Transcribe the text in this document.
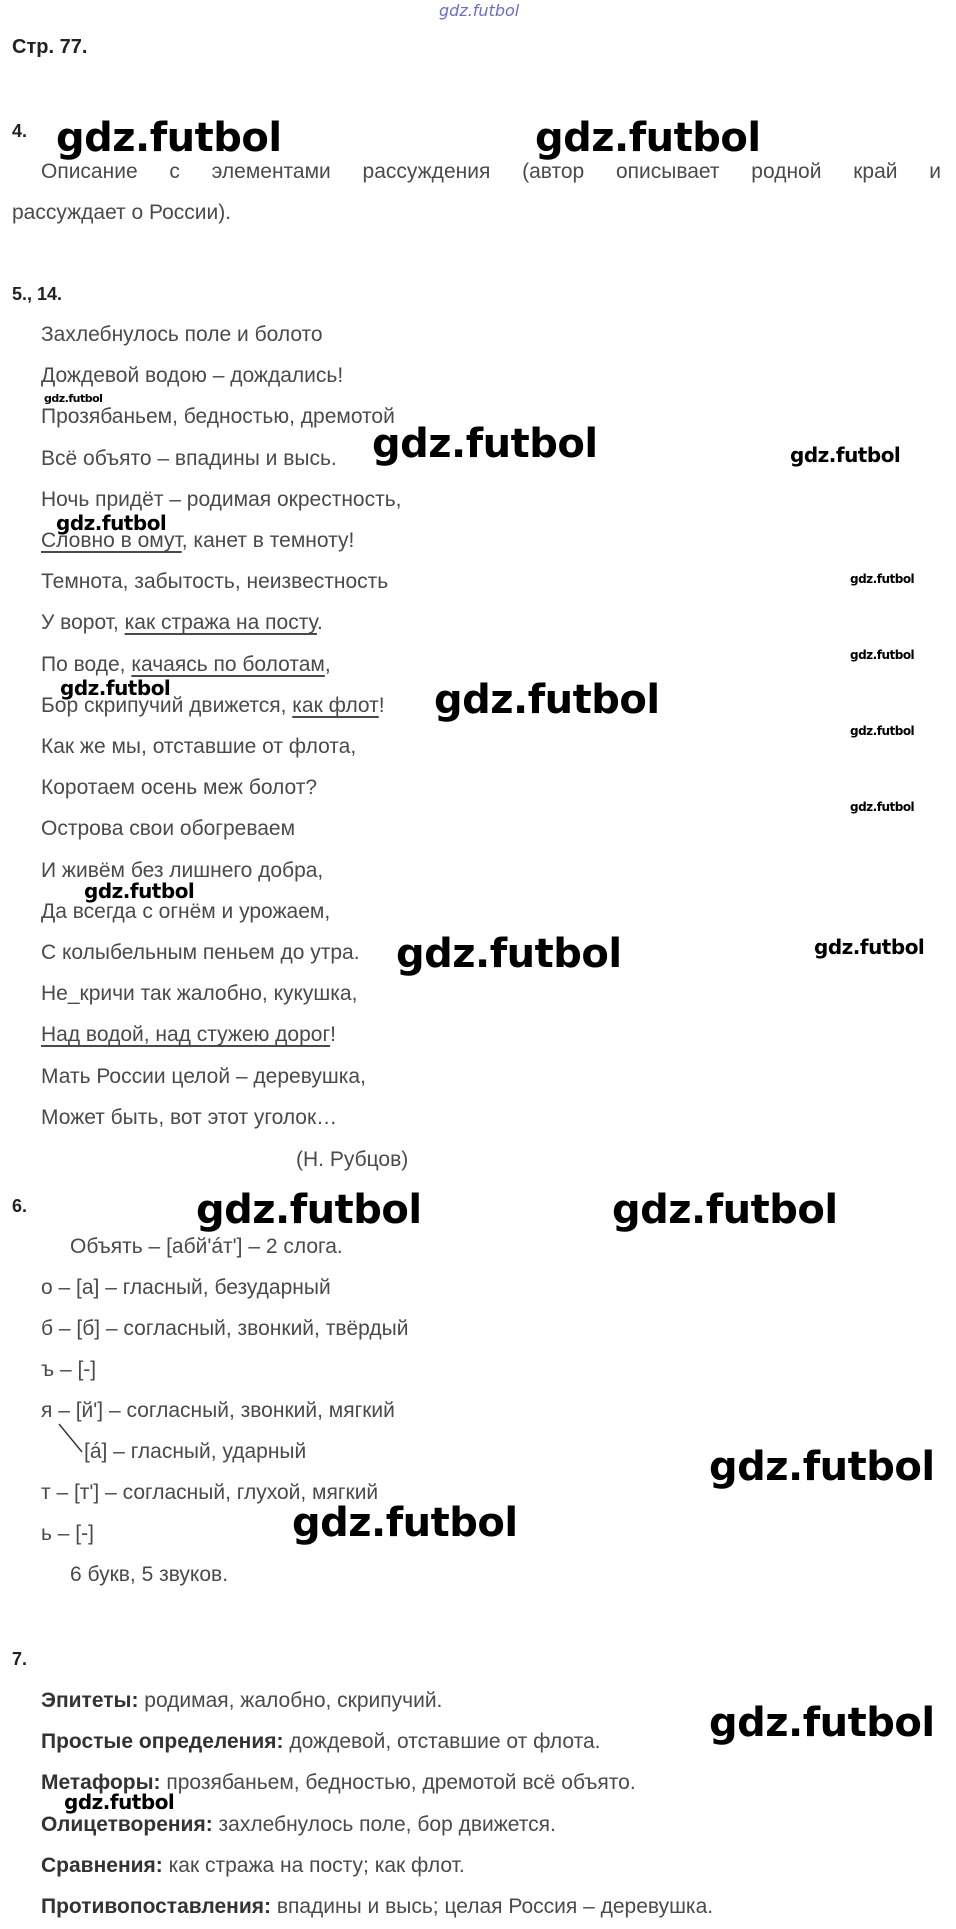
gdz.futbol
Стр. 77.
4.
Описание с элементами рассуждения (автор описывает родной край и
рассуждает о России).
5., 14.
Захлебнулось поле и болото
Дождевой водою – дождались!
Прозябаньем, бедностью, дремотой
Всё объято – впадины и высь.
Ночь придёт – родимая окрестность,
Словно в омут, канет в темноту!
Темнота, забытость, неизвестность
У ворот, как стража на посту.
По воде, качаясь по болотам,
Бор скрипучий движется, как флот!
Как же мы, отставшие от флота,
Коротаем осень меж болот?
Острова свои обогреваем
И живём без лишнего добра,
Да всегда с огнём и урожаем,
С колыбельным пеньем до утра.
Не_кричи так жалобно, кукушка,
Над водой, над стужею дорог!
Мать России целой – деревушка,
Может быть, вот этот уголок…
(Н. Рубцов)
6.
Объять – [абй'áт'] – 2 слога.
о – [а] – гласный, безударный
б – [б] – согласный, звонкий, твёрдый
ъ – [-]
я – [й'] – согласный, звонкий, мягкий
[á] – гласный, ударный
т – [т'] – согласный, глухой, мягкий
ь – [-]
6 букв, 5 звуков.
7.
Эпитеты: родимая, жалобно, скрипучий.
Простые определения: дождевой, отставшие от флота.
Метафоры: прозябаньем, бедностью, дремотой всё объято.
Олицетворения: захлебнулось поле, бор движется.
Сравнения: как стража на посту; как флот.
Противопоставления: впадины и высь; целая Россия – деревушка.
gdz.futbol	gdz.futbol
gdz.futbol
gdz.futbol	gdz.futbol
gdz.futbol
gdz.futbol
gdz.futbol
gdz.futbol	gdz.futbol
gdz.futbol
gdz.futbol
gdz.futbol
gdz.futbol	gdz.futbol
gdz.futbol	gdz.futbol
gdz.futbol
gdz.futbol
gdz.futbol
gdz.futbol
